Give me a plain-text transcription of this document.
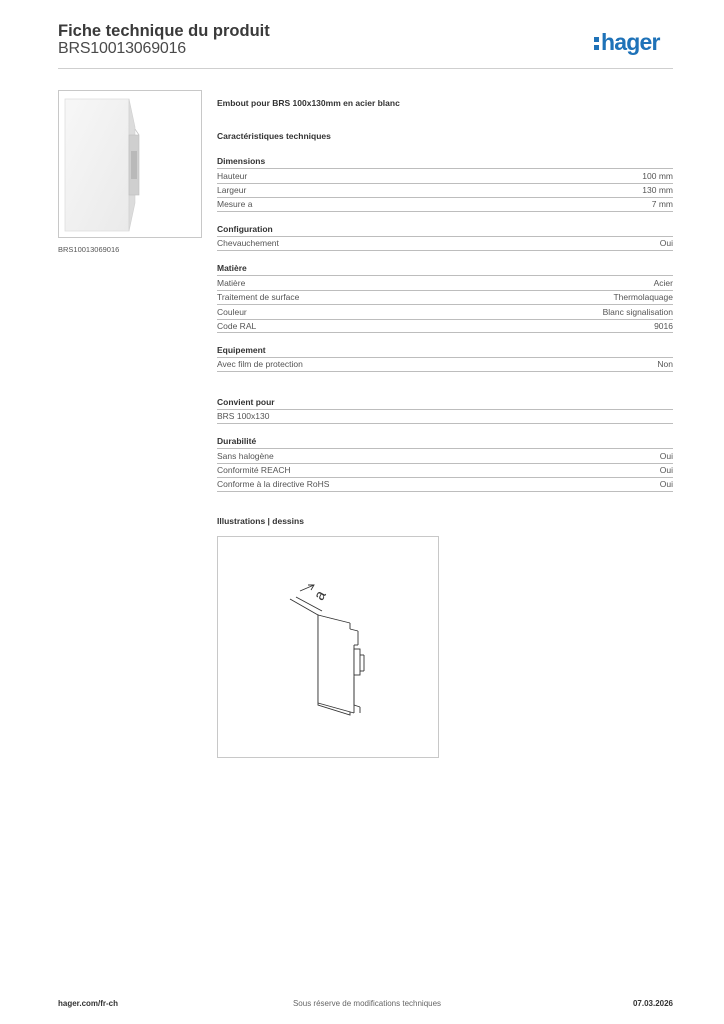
Fiche technique du produit
BRS10013069016	hager
BRS10013069016
Embout pour BRS 100x130mm en acier blanc
Caractéristiques techniques
Dimensions
Hauteur	100 mm
Largeur	130 mm
Mesure a	7 mm
Configuration
Chevauchement	Oui
Matière
Matière	Acier
Traitement de surface	Thermolaquage
Couleur	Blanc signalisation
Code RAL	9016
Equipement
Avec film de protection	Non
Convient pour
BRS 100x130
Durabilité
Sans halogène	Oui
Conformité REACH	Oui
Conforme à la directive RoHS	Oui
Illustrations | dessins
a
hager.com/fr-ch	Sous réserve de modifications techniques	07.03.2026
